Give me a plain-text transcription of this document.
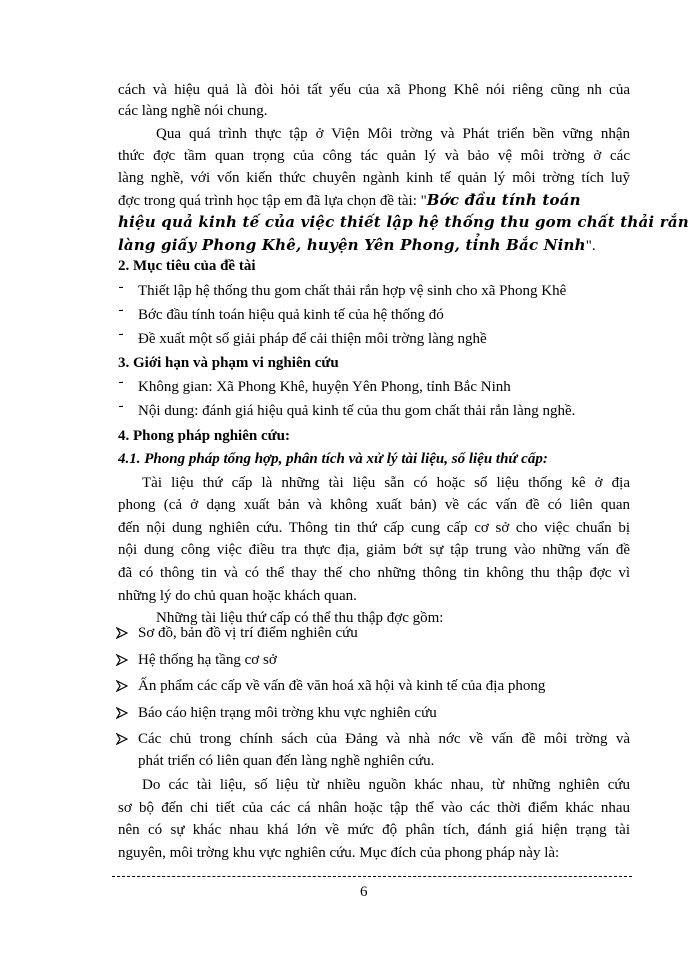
cách và hiệu quả là đòi hỏi tất yếu của xã Phong Khê nói riêng cũng nh của
các làng nghề nói chung.
Qua quá trình thực tập ở Viện Môi trờng và Phát triển bền vững nhận
thức đợc tầm quan trọng của công tác quản lý và bảo vệ môi trờng ở các
làng nghề, với vốn kiến thức chuyên ngành kinh tế quản lý môi trờng tích luỹ
đợc trong quá trình học tập em đã lựa chọn đề tài: "Bớc đầu tính toán
hiệu quả kinh tế của việc thiết lập hệ thống thu gom chất thải rắn
làng giấy Phong Khê, huyện Yên Phong, tỉnh Bắc Ninh".
2. Mục tiêu của đề tài
- Thiết lập hệ thống thu gom chất thải rắn hợp vệ sinh cho xã Phong Khê
- Bớc đầu tính toán hiệu quả kinh tế của hệ thống đó
- Đề xuất một số giải pháp để cải thiện môi trờng làng nghề
3. Giới hạn và phạm vi nghiên cứu
- Không gian: Xã Phong Khê, huyện Yên Phong, tỉnh Bắc Ninh
- Nội dung: đánh giá hiệu quả kinh tế của thu gom chất thải rắn làng nghề.
4. Phong pháp nghiên cứu:
4.1. Phong pháp tổng hợp, phân tích và xử lý tài liệu, số liệu thứ cấp:
Tài liệu thứ cấp là những tài liệu sẵn có hoặc số liệu thống kê ở địa
phong (cả ở dạng xuất bản và không xuất bản) về các vấn đề có liên quan
đến nội dung nghiên cứu. Thông tin thứ cấp cung cấp cơ sở cho việc chuẩn bị
nội dung công việc điều tra thực địa, giảm bớt sự tập trung vào những vấn đề
đã có thông tin và có thể thay thế cho những thông tin không thu thập đợc vì
những lý do chủ quan hoặc khách quan.
Những tài liệu thứ cấp có thể thu thập đợc gồm:
Sơ đồ, bản đồ vị trí điểm nghiên cứu
Hệ thống hạ tầng cơ sở
Ấn phẩm các cấp về vấn đề văn hoá xã hội và kinh tế của địa phong
Báo cáo hiện trạng môi trờng khu vực nghiên cứu
Các chủ trong chính sách của Đảng và nhà nớc về vấn đề môi trờng và
phát triển có liên quan đến làng nghề nghiên cứu.
Do các tài liệu, số liệu từ nhiều nguồn khác nhau, từ những nghiên cứu
sơ bộ đến chi tiết của các cá nhân hoặc tập thể vào các thời điểm khác nhau
nên có sự khác nhau khá lớn về mức độ phân tích, đánh giá hiện trạng tài
nguyên, môi trờng khu vực nghiên cứu. Mục đích của phong pháp này là:
6
